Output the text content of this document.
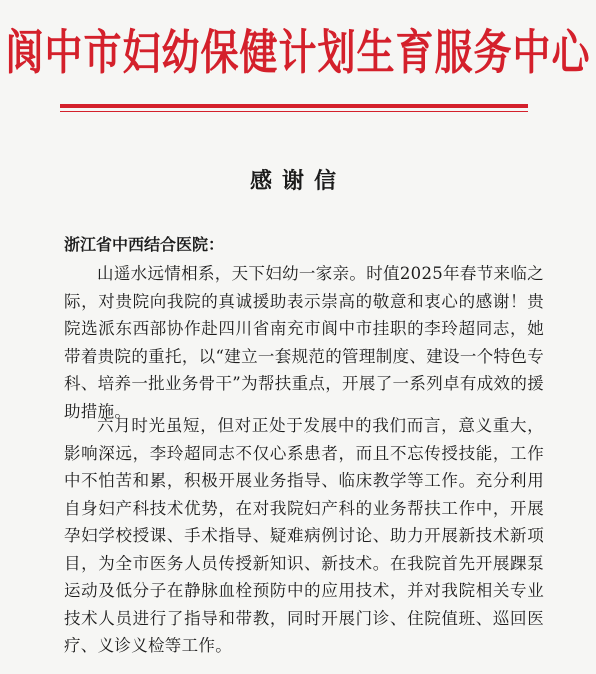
阆中市妇幼保健计划生育服务中心
感谢信
浙江省中西结合医院：

山遥水远情相系，天下妇幼一家亲。时值2025年春节来临之际，对贵院向我院的真诚援助表示崇高的敬意和衷心的感谢！贵院选派东西部协作赴四川省南充市阆中市挂职的李玲超同志，她带着贵院的重托，以“建立一套规范的管理制度、建设一个特色专科、培养一批业务骨干”为帮扶重点，开展了一系列卓有成效的援助措施。

六月时光虽短，但对正处于发展中的我们而言，意义重大，影响深远，李玲超同志不仅心系患者，而且不忘传授技能，工作中不怕苦和累，积极开展业务指导、临床教学等工作。充分利用自身妇产科技术优势，在对我院妇产科的业务帮扶工作中，开展孕妇学校授课、手术指导、疑难病例讨论、助力开展新技术新项目，为全市医务人员传授新知识、新技术。在我院首先开展踝泵运动及低分子在静脉血栓预防中的应用技术，并对我院相关专业技术人员进行了指导和带教，同时开展门诊、住院值班、巡回医疗、义诊义检等工作。
